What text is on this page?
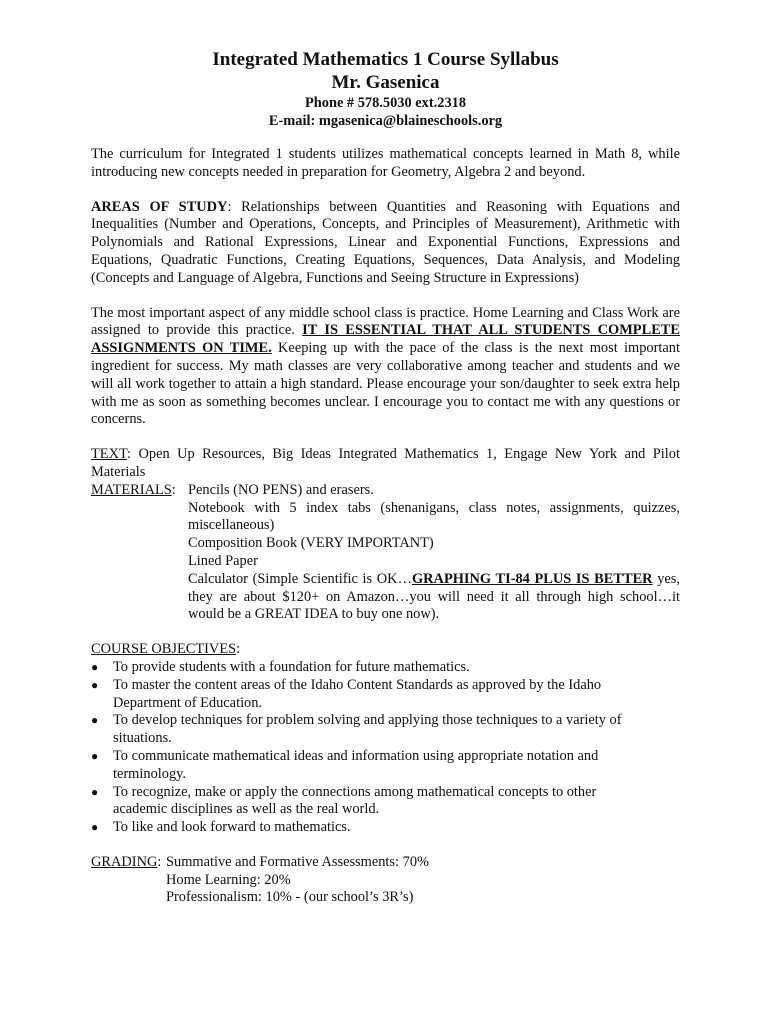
Integrated Mathematics 1 Course Syllabus
Mr. Gasenica
Phone # 578.5030 ext.2318
E-mail: mgasenica@blaineschools.org

The curriculum for Integrated 1 students utilizes mathematical concepts learned in Math 8, while introducing new concepts needed in preparation for Geometry, Algebra 2 and beyond.

AREAS OF STUDY: Relationships between Quantities and Reasoning with Equations and Inequalities (Number and Operations, Concepts, and Principles of Measurement), Arithmetic with Polynomials and Rational Expressions, Linear and Exponential Functions, Expressions and Equations, Quadratic Functions, Creating Equations, Sequences, Data Analysis, and Modeling (Concepts and Language of Algebra, Functions and Seeing Structure in Expressions)

The most important aspect of any middle school class is practice. Home Learning and Class Work are assigned to provide this practice. IT IS ESSENTIAL THAT ALL STUDENTS COMPLETE ASSIGNMENTS ON TIME. Keeping up with the pace of the class is the next most important ingredient for success. My math classes are very collaborative among teacher and students and we will all work together to attain a high standard. Please encourage your son/daughter to seek extra help with me as soon as something becomes unclear. I encourage you to contact me with any questions or concerns.

TEXT: Open Up Resources, Big Ideas Integrated Mathematics 1, Engage New York and Pilot Materials

MATERIALS: Pencils (NO PENS) and erasers.
Notebook with 5 index tabs (shenanigans, class notes, assignments, quizzes, miscellaneous)
Composition Book (VERY IMPORTANT)
Lined Paper
Calculator (Simple Scientific is OK…GRAPHING TI-84 PLUS IS BETTER yes, they are about $120+ on Amazon…you will need it all through high school…it would be a GREAT IDEA to buy one now).
COURSE OBJECTIVES:
● To provide students with a foundation for future mathematics.
● To master the content areas of the Idaho Content Standards as approved by the Idaho Department of Education.
● To develop techniques for problem solving and applying those techniques to a variety of situations.
● To communicate mathematical ideas and information using appropriate notation and terminology.
● To recognize, make or apply the connections among mathematical concepts to other academic disciplines as well as the real world.
● To like and look forward to mathematics.
GRADING: Summative and Formative Assessments: 70%
Home Learning: 20%
Professionalism: 10% - (our school’s 3R’s)
